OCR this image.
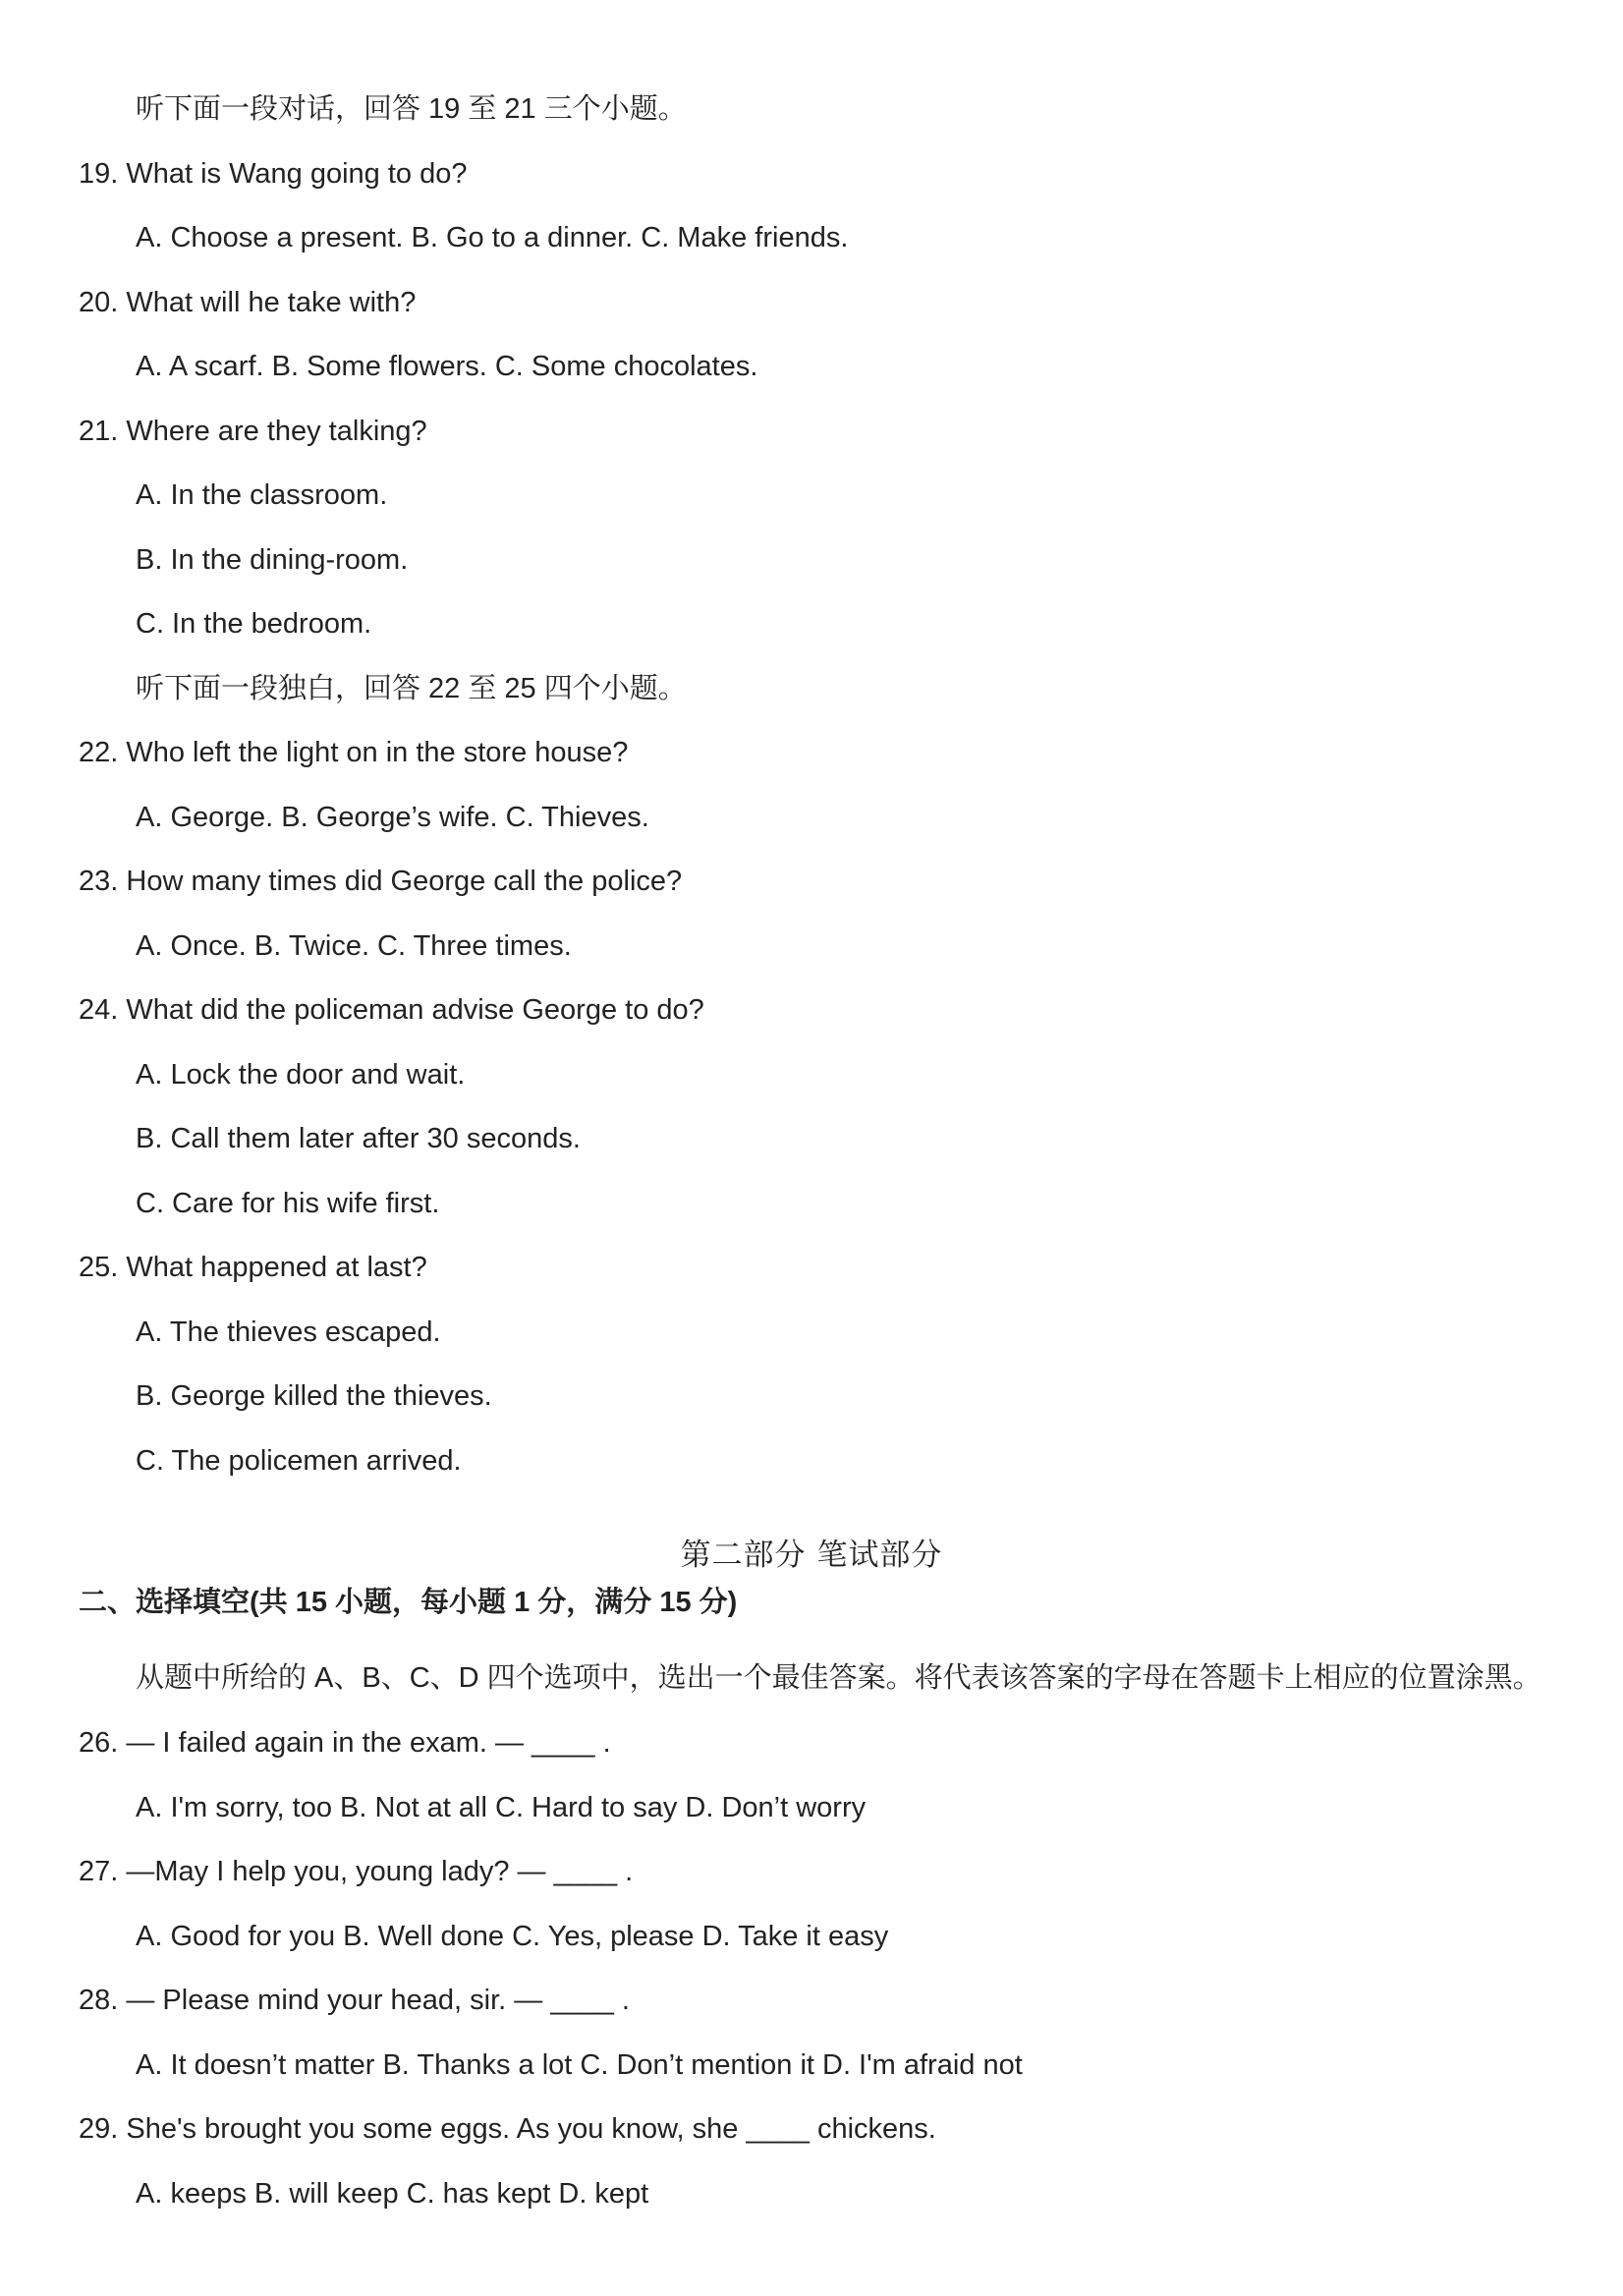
听下面一段对话，回答 19 至 21 三个小题。

19. What is Wang going to do?

A. Choose a present. B. Go to a dinner. C. Make friends.

20. What will he take with?

A. A scarf. B. Some flowers. C. Some chocolates.

21. Where are they talking?

A. In the classroom.

B. In the dining-room.

C. In the bedroom.

听下面一段独白，回答 22 至 25 四个小题。

22. Who left the light on in the store house?

A. George. B. George’s wife. C. Thieves.

23. How many times did George call the police?

A. Once. B. Twice. C. Three times.

24. What did the policeman advise George to do?

A. Lock the door and wait.

B. Call them later after 30 seconds.

C. Care for his wife first.

25. What happened at last?

A. The thieves escaped.

B. George killed the thieves.

C. The policemen arrived.

第二部分 笔试部分

二、选择填空(共 15 小题，每小题 1 分，满分 15 分)

从题中所给的 A、B、C、D 四个选项中，选出一个最佳答案。将代表该答案的字母在答题卡上相应的位置涂黑。

26. — I failed again in the exam. — ____ .

A. I'm sorry, too B. Not at all C. Hard to say D. Don’t worry

27. —May I help you, young lady? — ____ .

A. Good for you B. Well done C. Yes, please D. Take it easy

28. — Please mind your head, sir. — ____ .

A. It doesn’t matter B. Thanks a lot C. Don’t mention it D. I'm afraid not

29. She's brought you some eggs. As you know, she ____ chickens.

A. keeps B. will keep C. has kept D. kept
